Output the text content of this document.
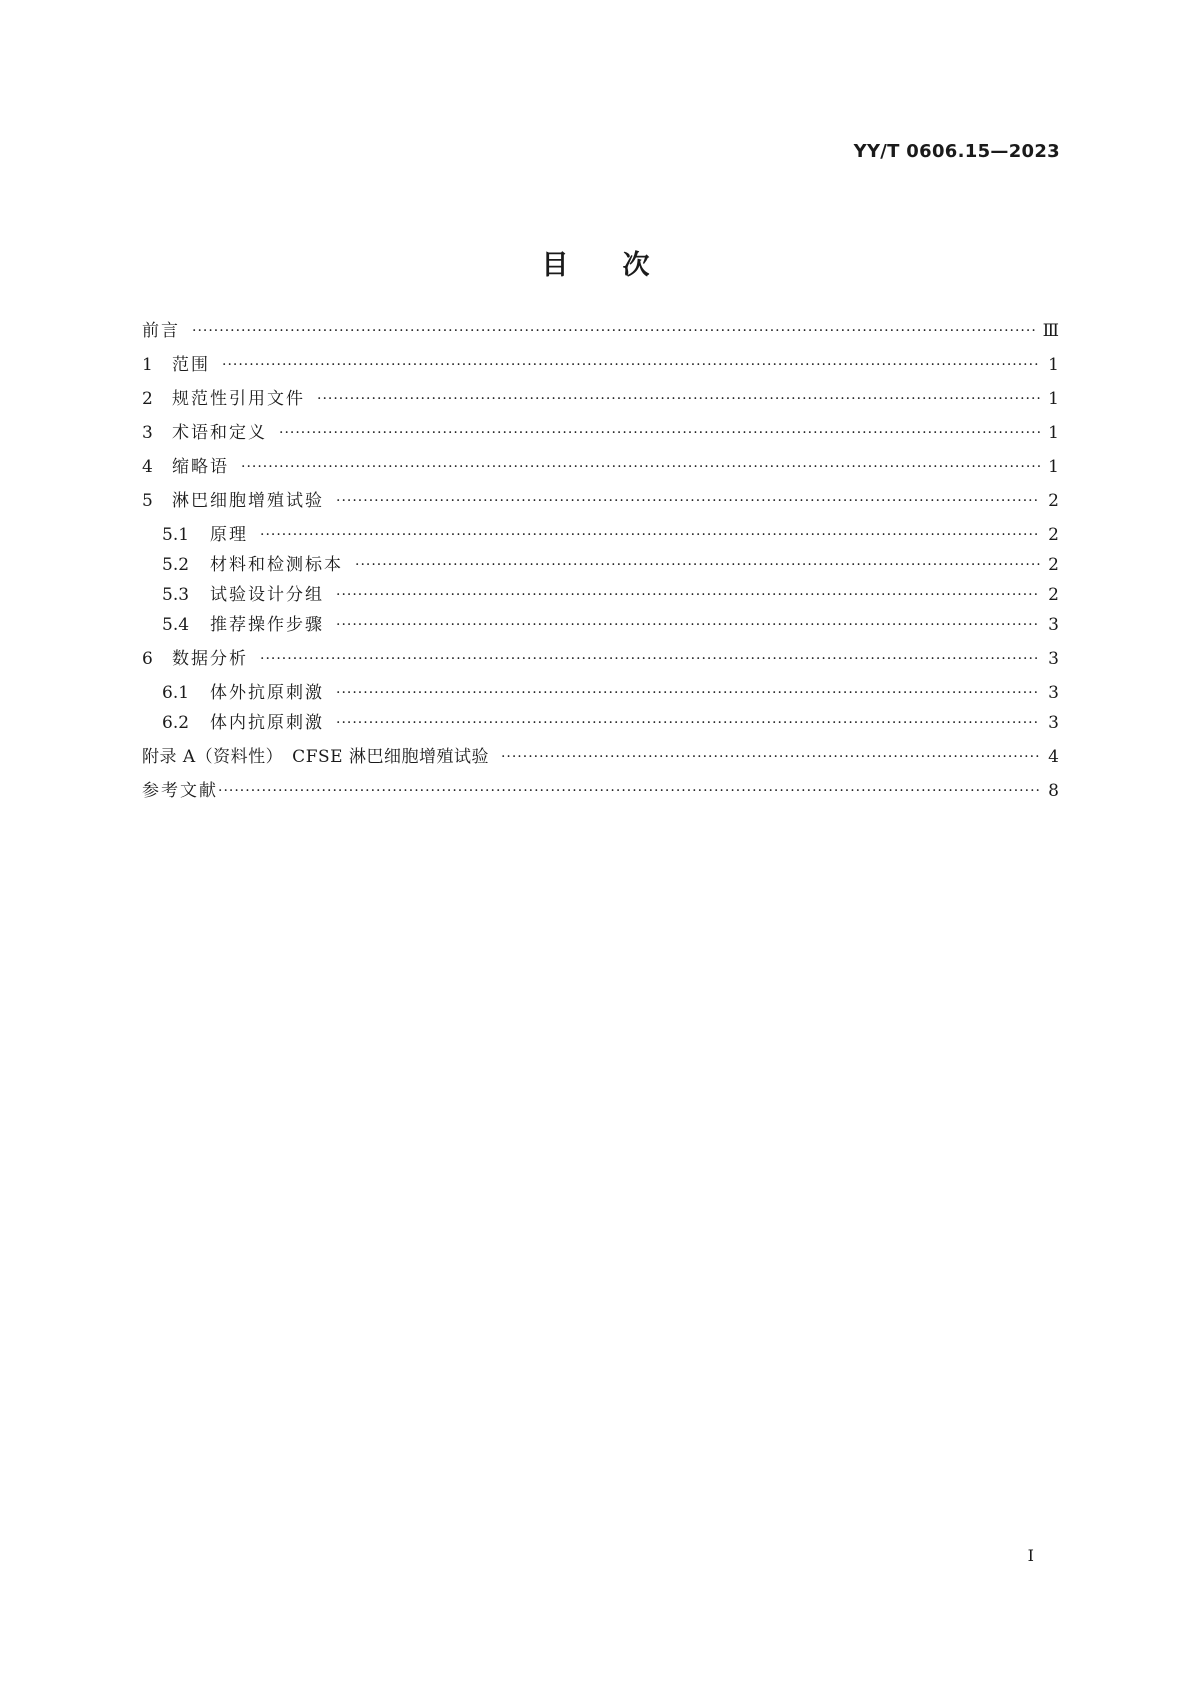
YY/T 0606.15—2023
目　　次
前言 ·····	Ⅲ
1	范围 ·····	1
2	规范性引用文件 ·····	1
3	术语和定义 ·····	1
4	缩略语 ·····	1
5	淋巴细胞增殖试验 ·····	2
5.1	原理 ·····	2
5.2	材料和检测标本 ·····	2
5.3	试验设计分组 ·····	2
5.4	推荐操作步骤 ·····	3
6	数据分析 ·····	3
6.1	体外抗原刺激 ·····	3
6.2	体内抗原刺激 ·····	3
附录 A（资料性）　CFSE 淋巴细胞增殖试验 ·····	4
参考文献 ·····	8
I
